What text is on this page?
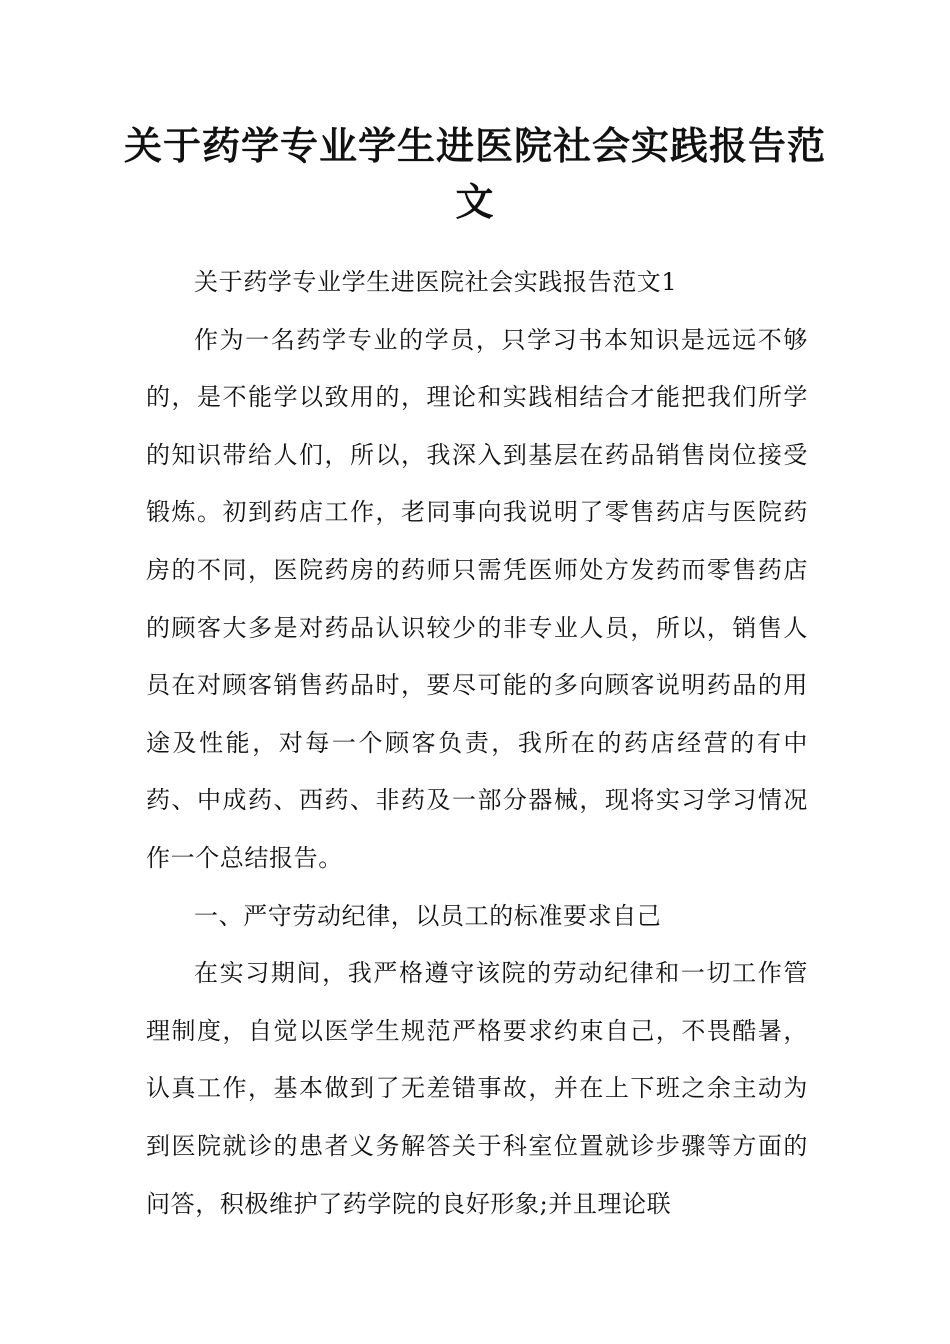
关于药学专业学生进医院社会实践报告范文

关于药学专业学生进医院社会实践报告范文1

作为一名药学专业的学员，只学习书本知识是远远不够的，是不能学以致用的，理论和实践相结合才能把我们所学的知识带给人们，所以，我深入到基层在药品销售岗位接受锻炼。初到药店工作，老同事向我说明了零售药店与医院药房的不同，医院药房的药师只需凭医师处方发药而零售药店的顾客大多是对药品认识较少的非专业人员，所以，销售人员在对顾客销售药品时，要尽可能的多向顾客说明药品的用途及性能，对每一个顾客负责，我所在的药店经营的有中药、中成药、西药、非药及一部分器械，现将实习学习情况作一个总结报告。

一、严守劳动纪律，以员工的标准要求自己

在实习期间，我严格遵守该院的劳动纪律和一切工作管理制度，自觉以医学生规范严格要求约束自己，不畏酷暑，认真工作，基本做到了无差错事故，并在上下班之余主动为到医院就诊的患者义务解答关于科室位置就诊步骤等方面的问答，积极维护了药学院的良好形象;并且理论联
